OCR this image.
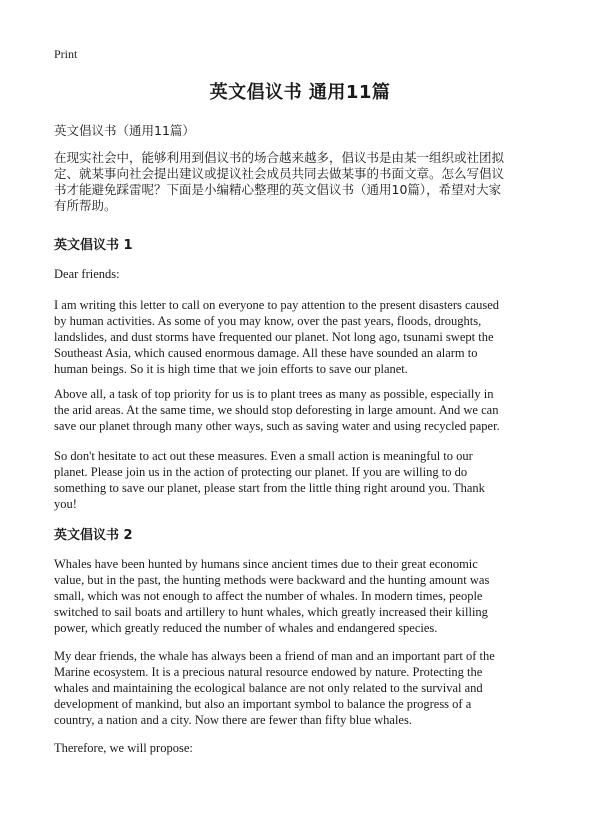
Print
英文倡议书 通用11篇
英文倡议书（通用11篇）

在现实社会中，能够利用到倡议书的场合越来越多，倡议书是由某一组织或社团拟
定、就某事向社会提出建议或提议社会成员共同去做某事的书面文章。怎么写倡议
书才能避免踩雷呢？下面是小编精心整理的英文倡议书（通用10篇），希望对大家
有所帮助。

英文倡议书 1

Dear friends:

I am writing this letter to call on everyone to pay attention to the present disasters caused
by human activities. As some of you may know, over the past years, floods, droughts,
landslides, and dust storms have frequented our planet. Not long ago, tsunami swept the
Southeast Asia, which caused enormous damage. All these have sounded an alarm to
human beings. So it is high time that we join efforts to save our planet.

Above all, a task of top priority for us is to plant trees as many as possible, especially in
the arid areas. At the same time, we should stop deforesting in large amount. And we can
save our planet through many other ways, such as saving water and using recycled paper.

So don't hesitate to act out these measures. Even a small action is meaningful to our
planet. Please join us in the action of protecting our planet. If you are willing to do
something to save our planet, please start from the little thing right around you. Thank
you!

英文倡议书 2

Whales have been hunted by humans since ancient times due to their great economic
value, but in the past, the hunting methods were backward and the hunting amount was
small, which was not enough to affect the number of whales. In modern times, people
switched to sail boats and artillery to hunt whales, which greatly increased their killing
power, which greatly reduced the number of whales and endangered species.

My dear friends, the whale has always been a friend of man and an important part of the
Marine ecosystem. It is a precious natural resource endowed by nature. Protecting the
whales and maintaining the ecological balance are not only related to the survival and
development of mankind, but also an important symbol to balance the progress of a
country, a nation and a city. Now there are fewer than fifty blue whales.

Therefore, we will propose:
